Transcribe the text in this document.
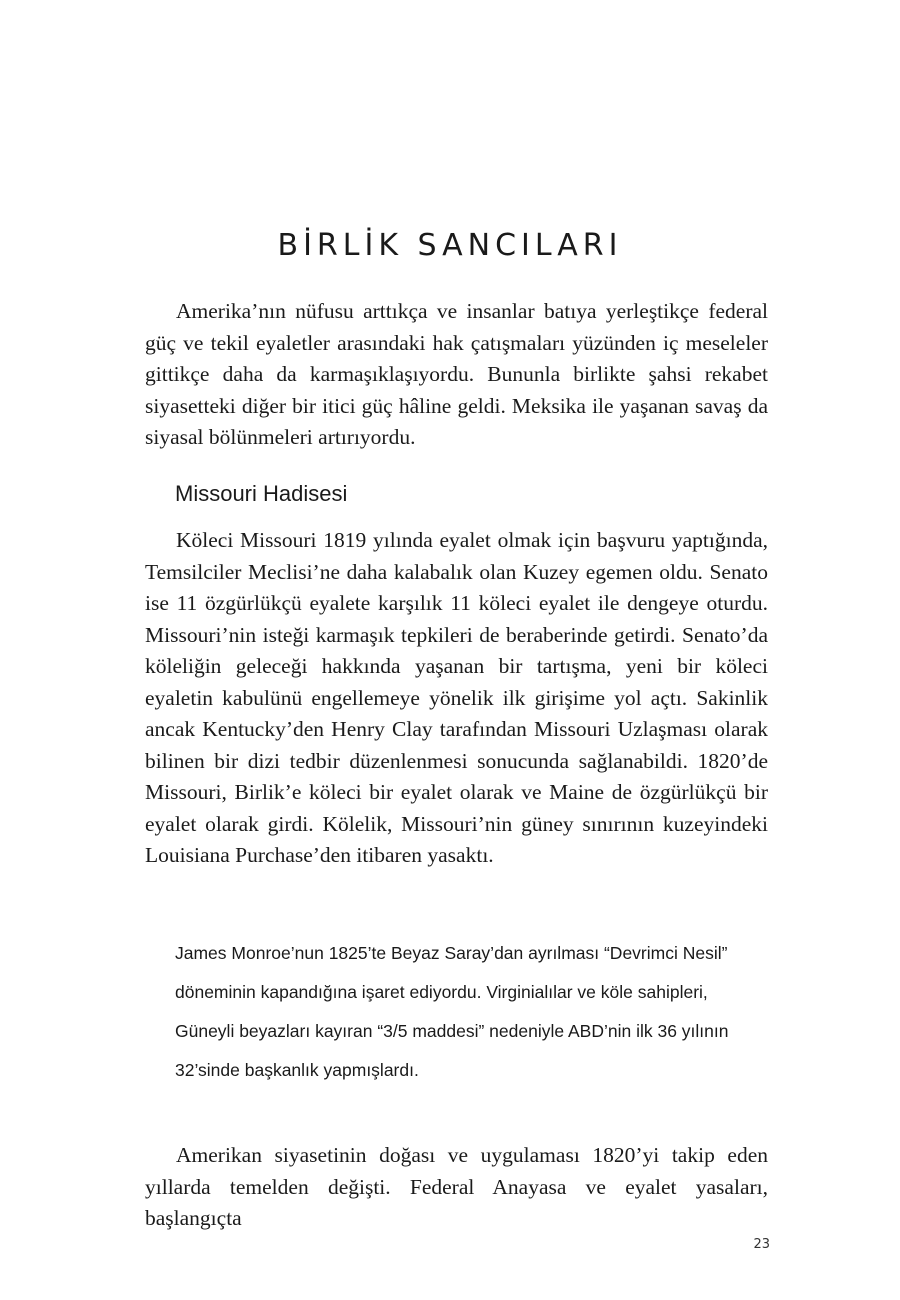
BİRLİK SANCILARI

Amerika’nın nüfusu arttıkça ve insanlar batıya yerleştikçe federal güç ve tekil eyaletler arasındaki hak çatışmaları yüzünden iç meseleler gittikçe daha da karmaşıklaşıyordu. Bununla birlikte şahsi rekabet siyasetteki diğer bir itici güç hâline geldi. Meksika ile yaşanan savaş da siyasal bölünmeleri artırıyordu.

Missouri Hadisesi

Köleci Missouri 1819 yılında eyalet olmak için başvuru yaptığında, Temsilciler Meclisi’ne daha kalabalık olan Kuzey egemen oldu. Senato ise 11 özgürlükçü eyalete karşılık 11 köleci eyalet ile dengeye oturdu. Missouri’nin isteği karmaşık tepkileri de beraberinde getirdi. Senato’da köleliğin geleceği hakkında yaşanan bir tartışma, yeni bir köleci eyaletin kabulünü engellemeye yönelik ilk girişime yol açtı. Sakinlik ancak Kentucky’den Henry Clay tarafından Missouri Uzlaşması olarak bilinen bir dizi tedbir düzenlenmesi sonucunda sağlanabildi. 1820’de Missouri, Birlik’e köleci bir eyalet olarak ve Maine de özgürlükçü bir eyalet olarak girdi. Kölelik, Missouri’nin güney sınırının kuzeyindeki Louisiana Purchase’den itibaren yasaktı.

James Monroe’nun 1825’te Beyaz Saray’dan ayrılması “Devrimci Nesil”
döneminin kapandığına işaret ediyordu. Virginialılar ve köle sahipleri,
Güneyli beyazları kayıran “3/5 maddesi” nedeniyle ABD’nin ilk 36 yılının
32’sinde başkanlık yapmışlardı.

Amerikan siyasetinin doğası ve uygulaması 1820’yi takip eden yıllarda temelden değişti. Federal Anayasa ve eyalet yasaları, başlangıçta

23
